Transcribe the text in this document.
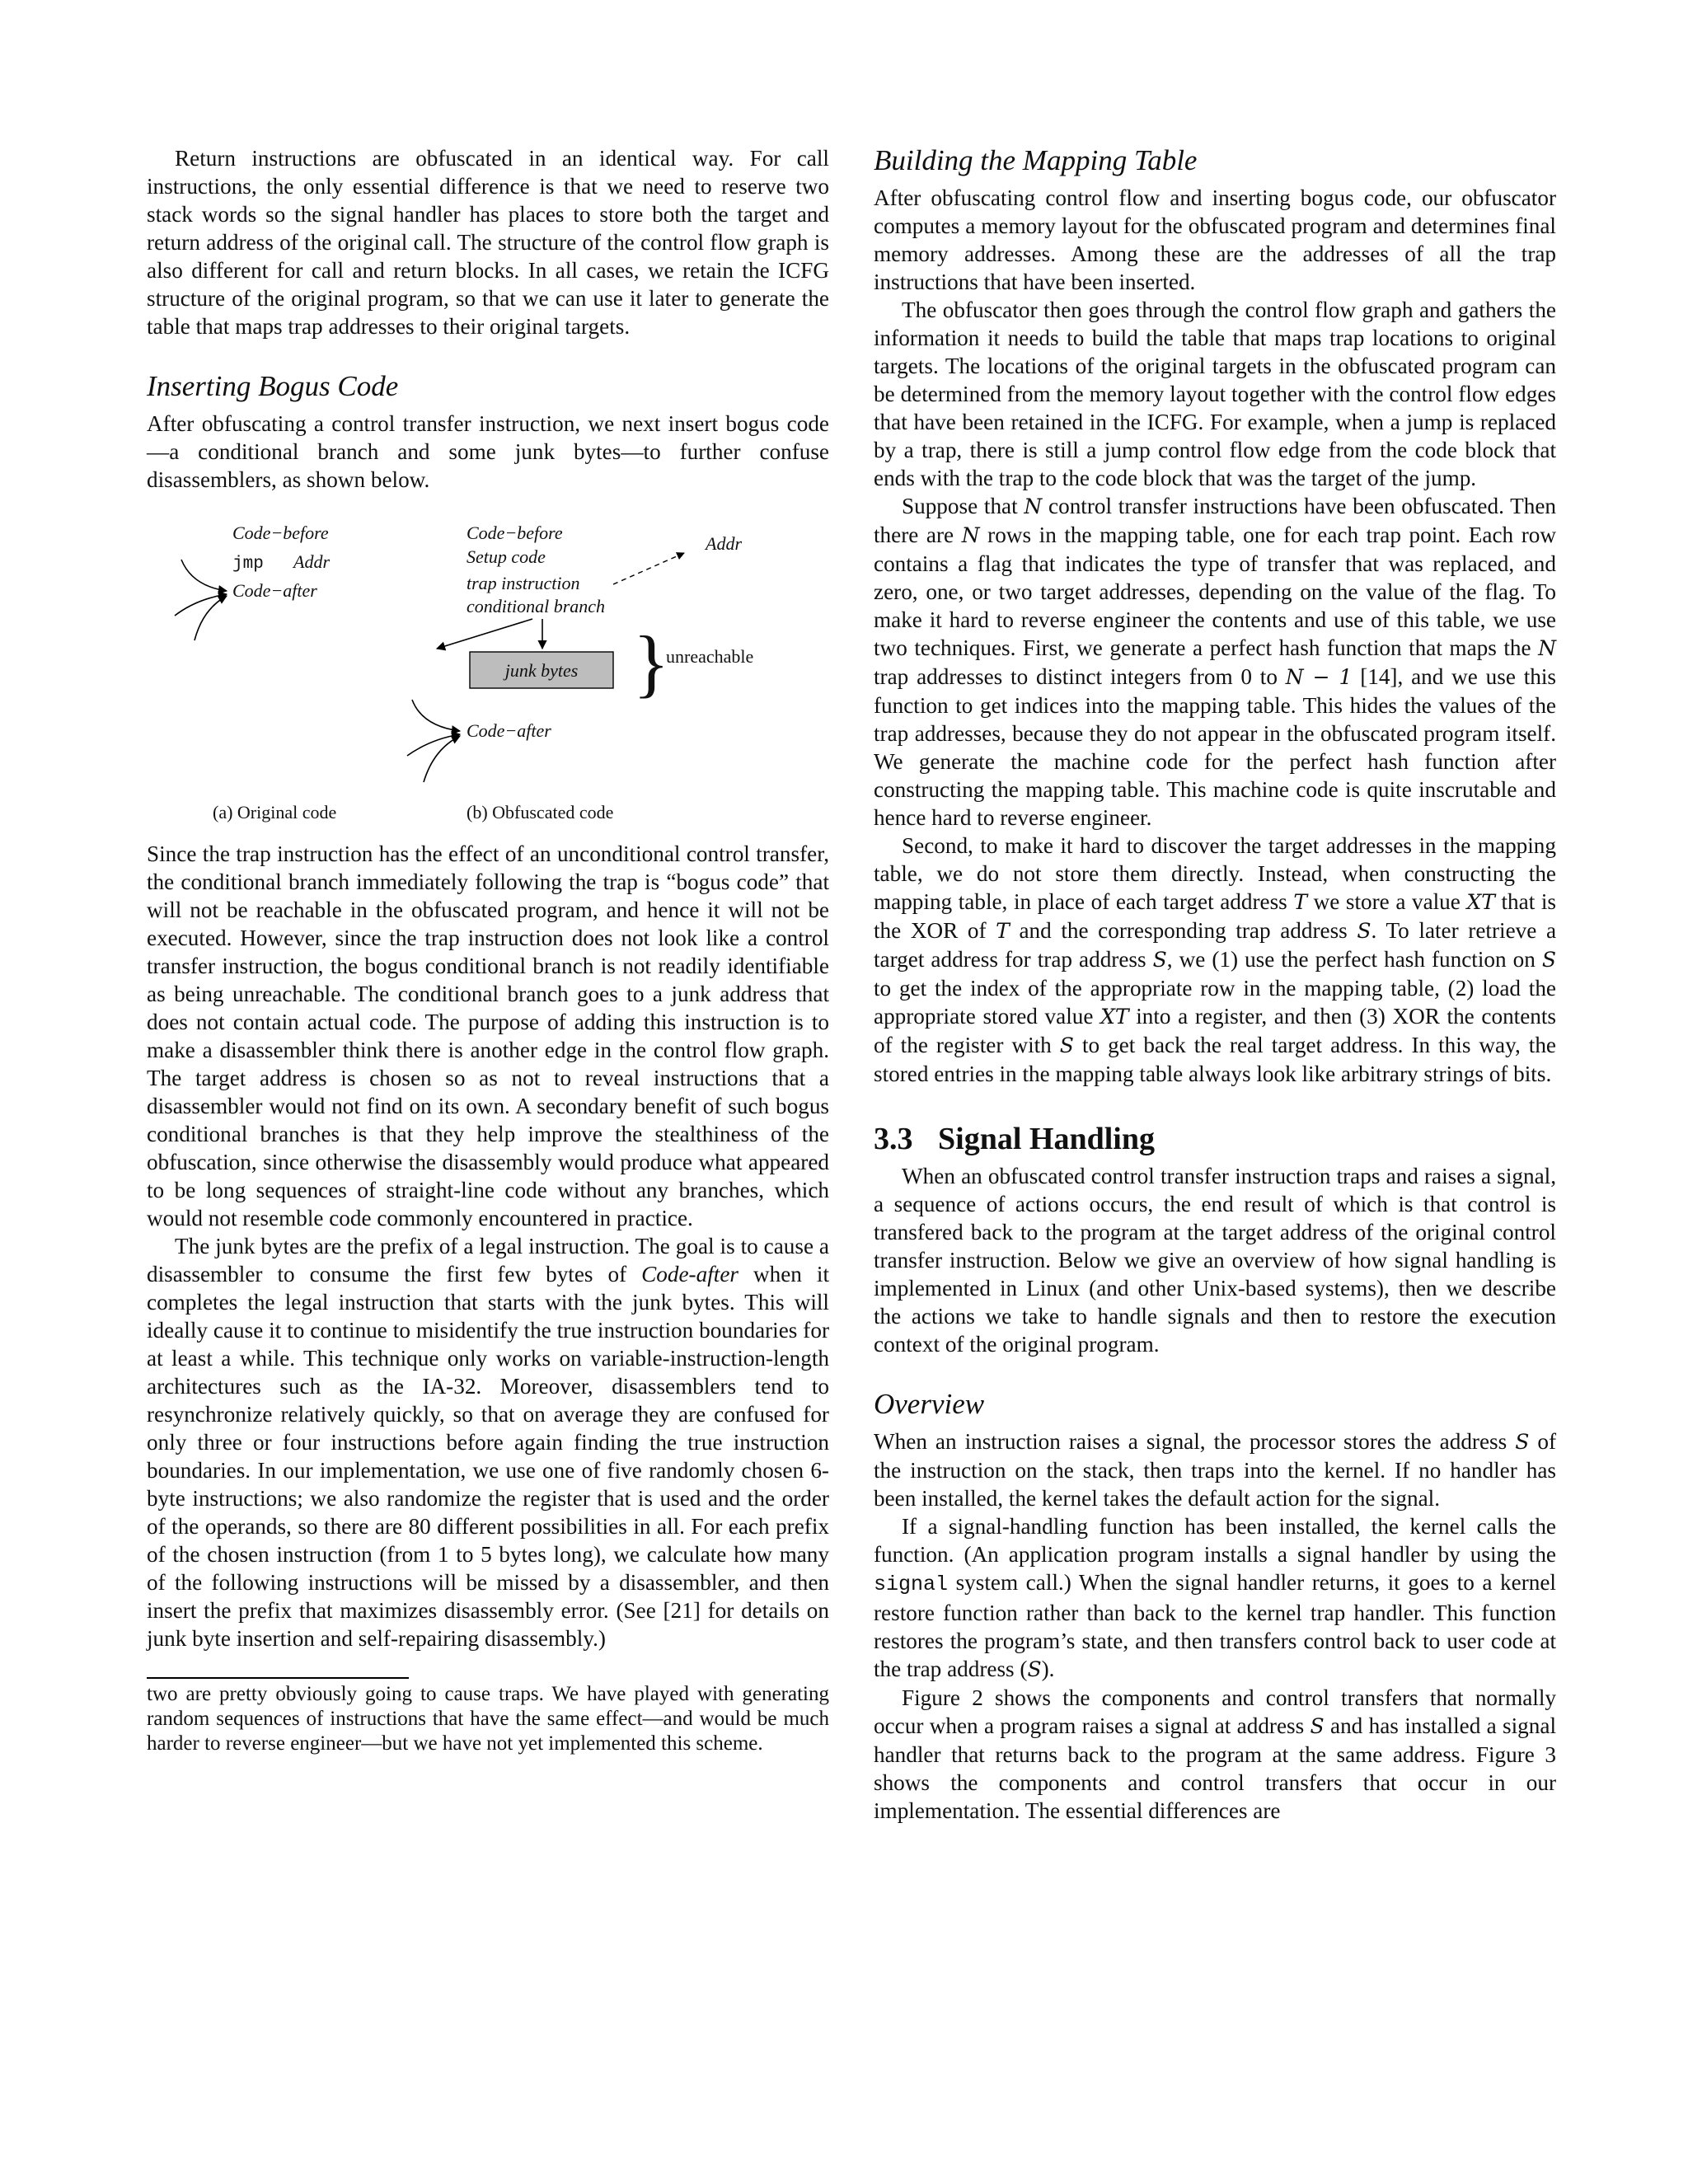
Return instructions are obfuscated in an identical way. For call instructions, the only essential difference is that we need to reserve two stack words so the signal handler has places to store both the target and return address of the original call. The structure of the control flow graph is also different for call and return blocks. In all cases, we retain the ICFG structure of the original program, so that we can use it later to generate the table that maps trap addresses to their original targets.

Inserting Bogus Code

After obfuscating a control transfer instruction, we next insert bogus code—a conditional branch and some junk bytes—to further confuse disassemblers, as shown below.

Code−before
jmp Addr
Code−after
Code−before
Setup code
trap instruction
conditional branch
Addr
junk bytes }
unreachable
Code−after
(a) Original code	(b) Obfuscated code

Since the trap instruction has the effect of an unconditional control transfer, the conditional branch immediately following the trap is “bogus code” that will not be reachable in the obfuscated program, and hence it will not be executed. However, since the trap instruction does not look like a control transfer instruction, the bogus conditional branch is not readily identifiable as being unreachable. The conditional branch goes to a junk address that does not contain actual code. The purpose of adding this instruction is to make a disassembler think there is another edge in the control flow graph. The target address is chosen so as not to reveal instructions that a disassembler would not find on its own. A secondary benefit of such bogus conditional branches is that they help improve the stealthiness of the obfuscation, since otherwise the disassembly would produce what appeared to be long sequences of straight-line code without any branches, which would not resemble code commonly encountered in practice.

The junk bytes are the prefix of a legal instruction. The goal is to cause a disassembler to consume the first few bytes of Code-after when it completes the legal instruction that starts with the junk bytes. This will ideally cause it to continue to misidentify the true instruction boundaries for at least a while. This technique only works on variable-instruction-length architectures such as the IA-32. Moreover, disassemblers tend to resynchronize relatively quickly, so that on average they are confused for only three or four instructions before again finding the true instruction boundaries. In our implementation, we use one of five randomly chosen 6-byte instructions; we also randomize the register that is used and the order of the operands, so there are 80 different possibilities in all. For each prefix of the chosen instruction (from 1 to 5 bytes long), we calculate how many of the following instructions will be missed by a disassembler, and then insert the prefix that maximizes disassembly error. (See [21] for details on junk byte insertion and self-repairing disassembly.)

two are pretty obviously going to cause traps. We have played with generating random sequences of instructions that have the same effect—and would be much harder to reverse engineer—but we have not yet implemented this scheme.

Building the Mapping Table

After obfuscating control flow and inserting bogus code, our obfuscator computes a memory layout for the obfuscated program and determines final memory addresses. Among these are the addresses of all the trap instructions that have been inserted.

The obfuscator then goes through the control flow graph and gathers the information it needs to build the table that maps trap locations to original targets. The locations of the original targets in the obfuscated program can be determined from the memory layout together with the control flow edges that have been retained in the ICFG. For example, when a jump is replaced by a trap, there is still a jump control flow edge from the code block that ends with the trap to the code block that was the target of the jump.

Suppose that N control transfer instructions have been obfuscated. Then there are N rows in the mapping table, one for each trap point. Each row contains a flag that indicates the type of transfer that was replaced, and zero, one, or two target addresses, depending on the value of the flag. To make it hard to reverse engineer the contents and use of this table, we use two techniques. First, we generate a perfect hash function that maps the N trap addresses to distinct integers from 0 to N − 1 [14], and we use this function to get indices into the mapping table. This hides the values of the trap addresses, because they do not appear in the obfuscated program itself. We generate the machine code for the perfect hash function after constructing the mapping table. This machine code is quite inscrutable and hence hard to reverse engineer.

Second, to make it hard to discover the target addresses in the mapping table, we do not store them directly. Instead, when constructing the mapping table, in place of each target address T we store a value XT that is the XOR of T and the corresponding trap address S. To later retrieve a target address for trap address S, we (1) use the perfect hash function on S to get the index of the appropriate row in the mapping table, (2) load the appropriate stored value XT into a register, and then (3) XOR the contents of the register with S to get back the real target address. In this way, the stored entries in the mapping table always look like arbitrary strings of bits.

3.3 Signal Handling

When an obfuscated control transfer instruction traps and raises a signal, a sequence of actions occurs, the end result of which is that control is transfered back to the program at the target address of the original control transfer instruction. Below we give an overview of how signal handling is implemented in Linux (and other Unix-based systems), then we describe the actions we take to handle signals and then to restore the execution context of the original program.

Overview

When an instruction raises a signal, the processor stores the address S of the instruction on the stack, then traps into the kernel. If no handler has been installed, the kernel takes the default action for the signal.

If a signal-handling function has been installed, the kernel calls the function. (An application program installs a signal handler by using the signal system call.) When the signal handler returns, it goes to a kernel restore function rather than back to the kernel trap handler. This function restores the program’s state, and then transfers control back to user code at the trap address (S).

Figure 2 shows the components and control transfers that normally occur when a program raises a signal at address S and has installed a signal handler that returns back to the program at the same address. Figure 3 shows the components and control transfers that occur in our implementation. The essential differences are
